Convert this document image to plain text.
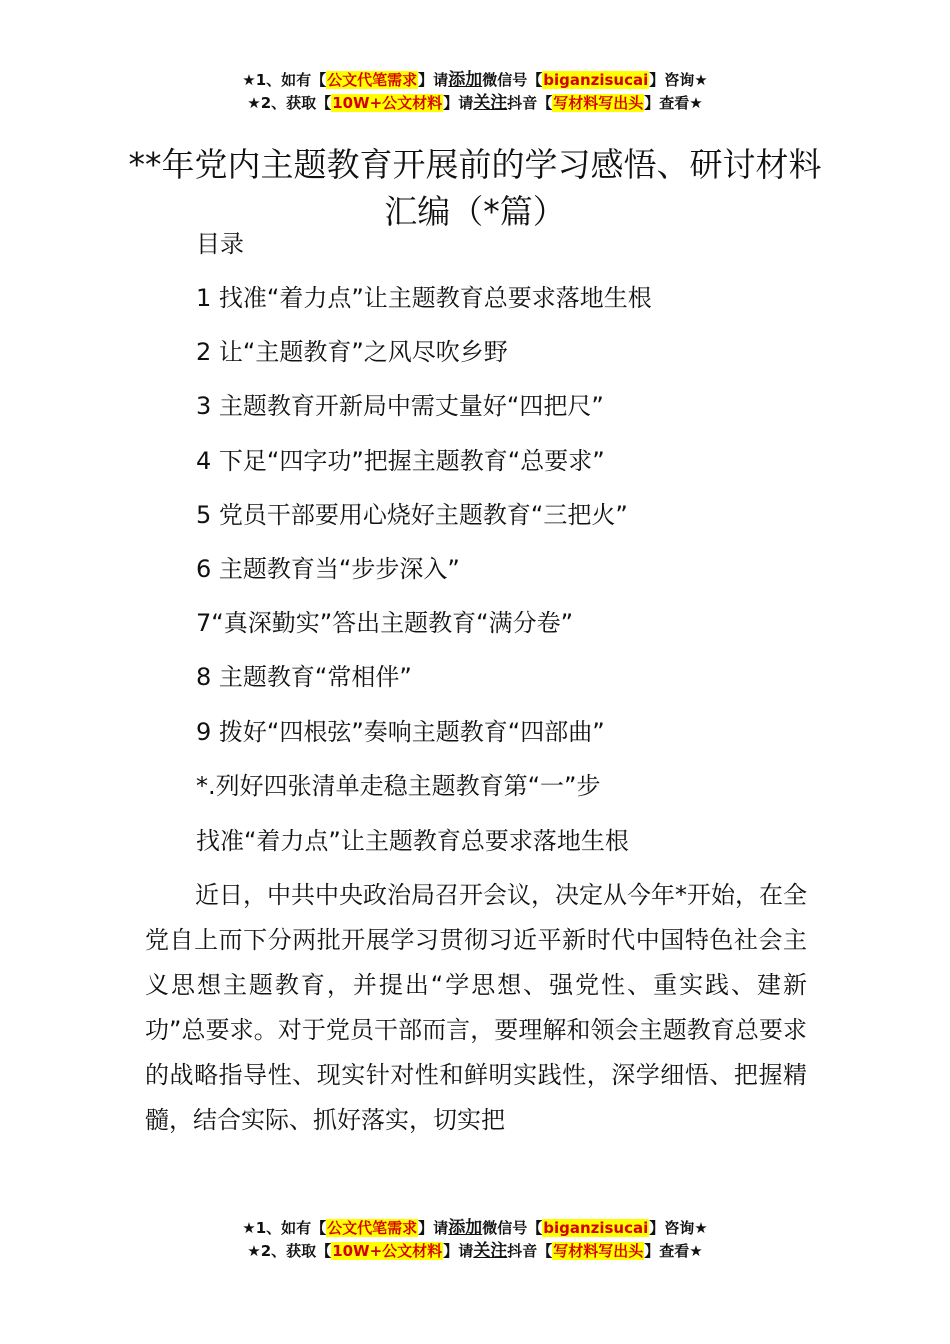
★1、如有【公文代笔需求】请添加微信号【biganzisucai】咨询★
★2、获取【10W+公文材料】请关注抖音【写材料写出头】查看★
**年党内主题教育开展前的学习感悟、研讨材料汇编（*篇）
目录
1 找准“着力点”让主题教育总要求落地生根
2 让“主题教育”之风尽吹乡野
3 主题教育开新局中需丈量好“四把尺”
4 下足“四字功”把握主题教育“总要求”
5 党员干部要用心烧好主题教育“三把火”
6 主题教育当“步步深入”
7“真深勤实”答出主题教育“满分卷”
8 主题教育“常相伴”
9 拨好“四根弦”奏响主题教育“四部曲”
*.列好四张清单走稳主题教育第“一”步
找准“着力点”让主题教育总要求落地生根

近日，中共中央政治局召开会议，决定从今年*开始，在全党自上而下分两批开展学习贯彻习近平新时代中国特色社会主义思想主题教育，并提出“学思想、强党性、重实践、建新功”总要求。对于党员干部而言，要理解和领会主题教育总要求的战略指导性、现实针对性和鲜明实践性，深学细悟、把握精髓，结合实际、抓好落实，切实把

★1、如有【公文代笔需求】请添加微信号【biganzisucai】咨询★
★2、获取【10W+公文材料】请关注抖音【写材料写出头】查看★
